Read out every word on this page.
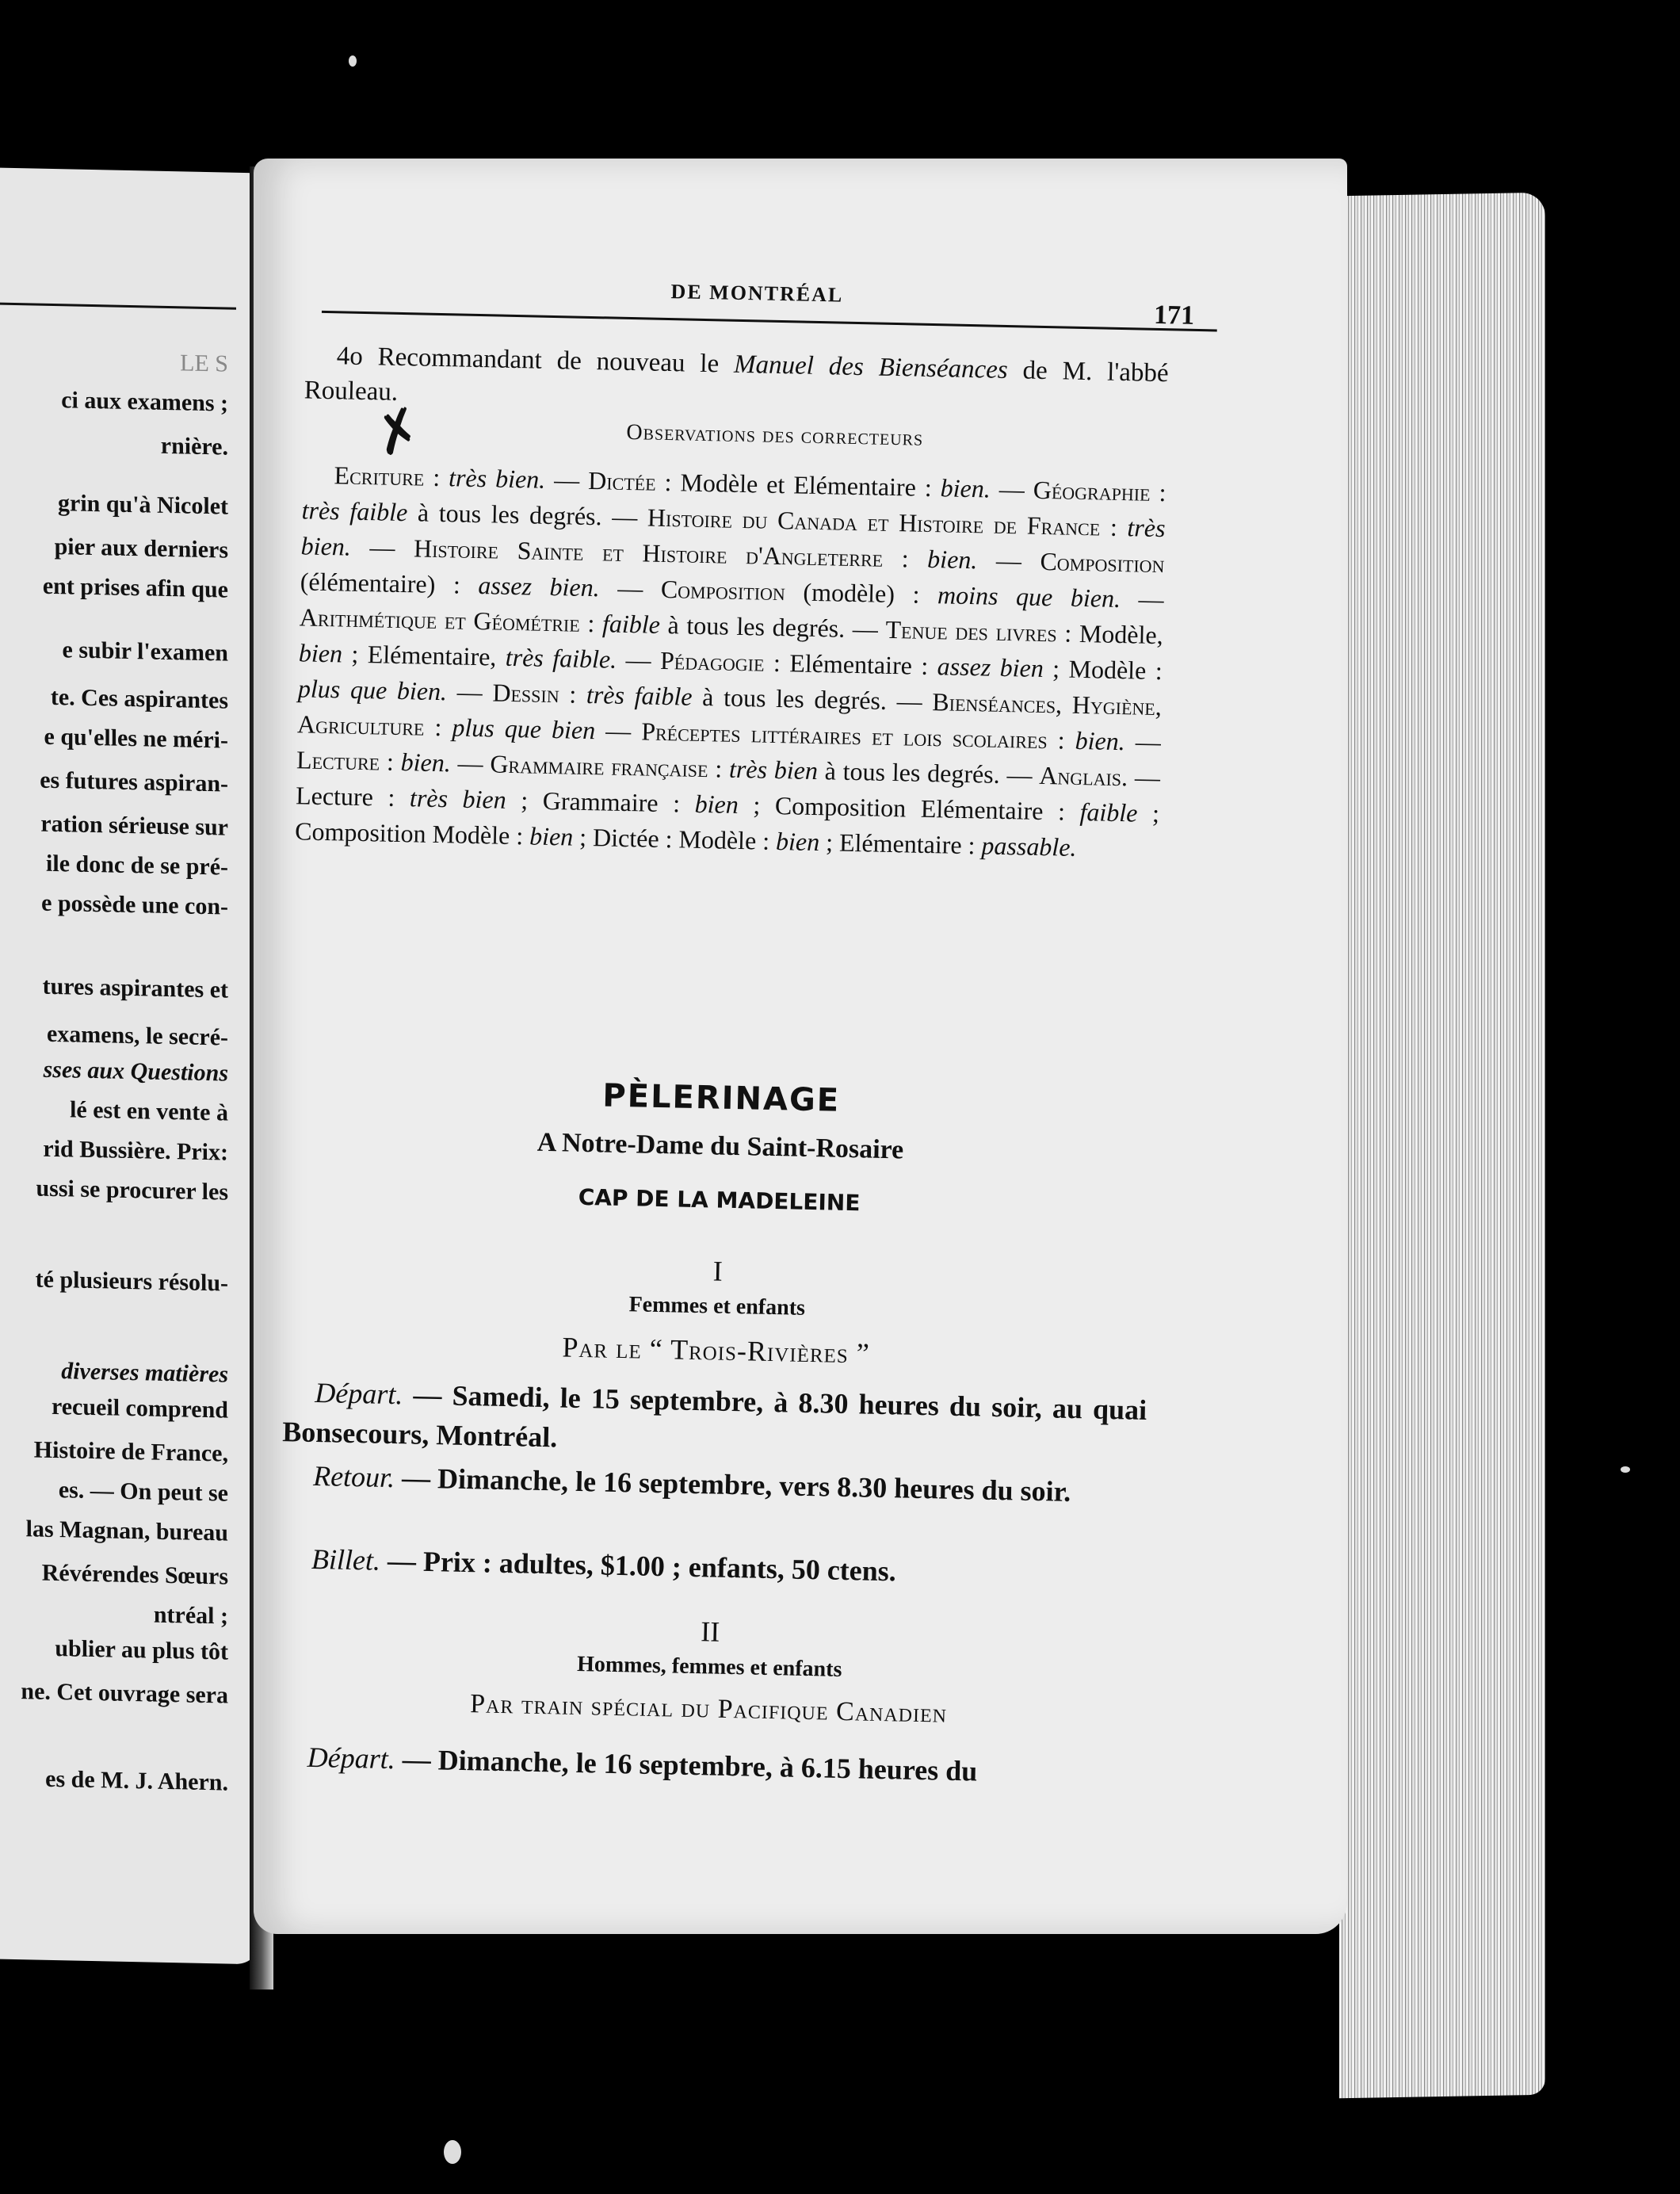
LE S
ci aux examens ;
rnière.
grin qu'à Nicolet
pier aux derniers
ent prises afin que
e subir l'examen
te. Ces aspirantes
e qu'elles ne méri-
es futures aspiran-
ration sérieuse sur
ile donc de se pré-
e possède une con-
tures aspirantes et
examens, le secré-
sses aux Questions
lé est en vente à
rid Bussière. Prix:
ussi se procurer les
té plusieurs résolu-
diverses matières
recueil comprend
Histoire de France,
es. — On peut se
las Magnan, bureau
Révérendes Sœurs
ntréal ;
ublier au plus tôt
ne. Cet ouvrage sera
es de M. J. Ahern.
DE MONTRÉAL
171
4o Recommandant de nouveau le Manuel des Bienséances de M. l'abbé Rouleau.
✗	Observations des correcteurs
Ecriture : très bien. — Dictée : Modèle et Elémentaire : bien. — Géographie : très faible à tous les degrés. — Histoire du Canada et Histoire de France : très bien. — Histoire Sainte et Histoire d'Angleterre : bien. — Composition (élémentaire) : assez bien. — Composition (modèle) : moins que bien. — Arithmétique et Géométrie : faible à tous les degrés. — Tenue des livres : Modèle, bien ; Elémentaire, très faible. — Pédagogie : Elémentaire : assez bien ; Modèle : plus que bien. — Dessin : très faible à tous les degrés. — Bienséances, Hygiène, Agriculture : plus que bien — Préceptes littéraires et lois scolaires : bien. — Lecture : bien. — Grammaire française : très bien à tous les degrés. — Anglais. — Lecture : très bien ; Grammaire : bien ; Composition Elémentaire : faible ; Composition Modèle : bien ; Dictée : Modèle : bien ; Elémentaire : passable.
PÈLERINAGE
A Notre-Dame du Saint-Rosaire
CAP DE LA MADELEINE
I
Femmes et enfants
Par le “ Trois-Rivières ”
Départ. — Samedi, le 15 septembre, à 8.30 heures du soir, au quai Bonsecours, Montréal.
Retour. — Dimanche, le 16 septembre, vers 8.30 heures du soir.
Billet. — Prix : adultes, $1.00 ; enfants, 50 ctens.
II
Hommes, femmes et enfants
Par train spécial du Pacifique Canadien
Départ. — Dimanche, le 16 septembre, à 6.15 heures du
